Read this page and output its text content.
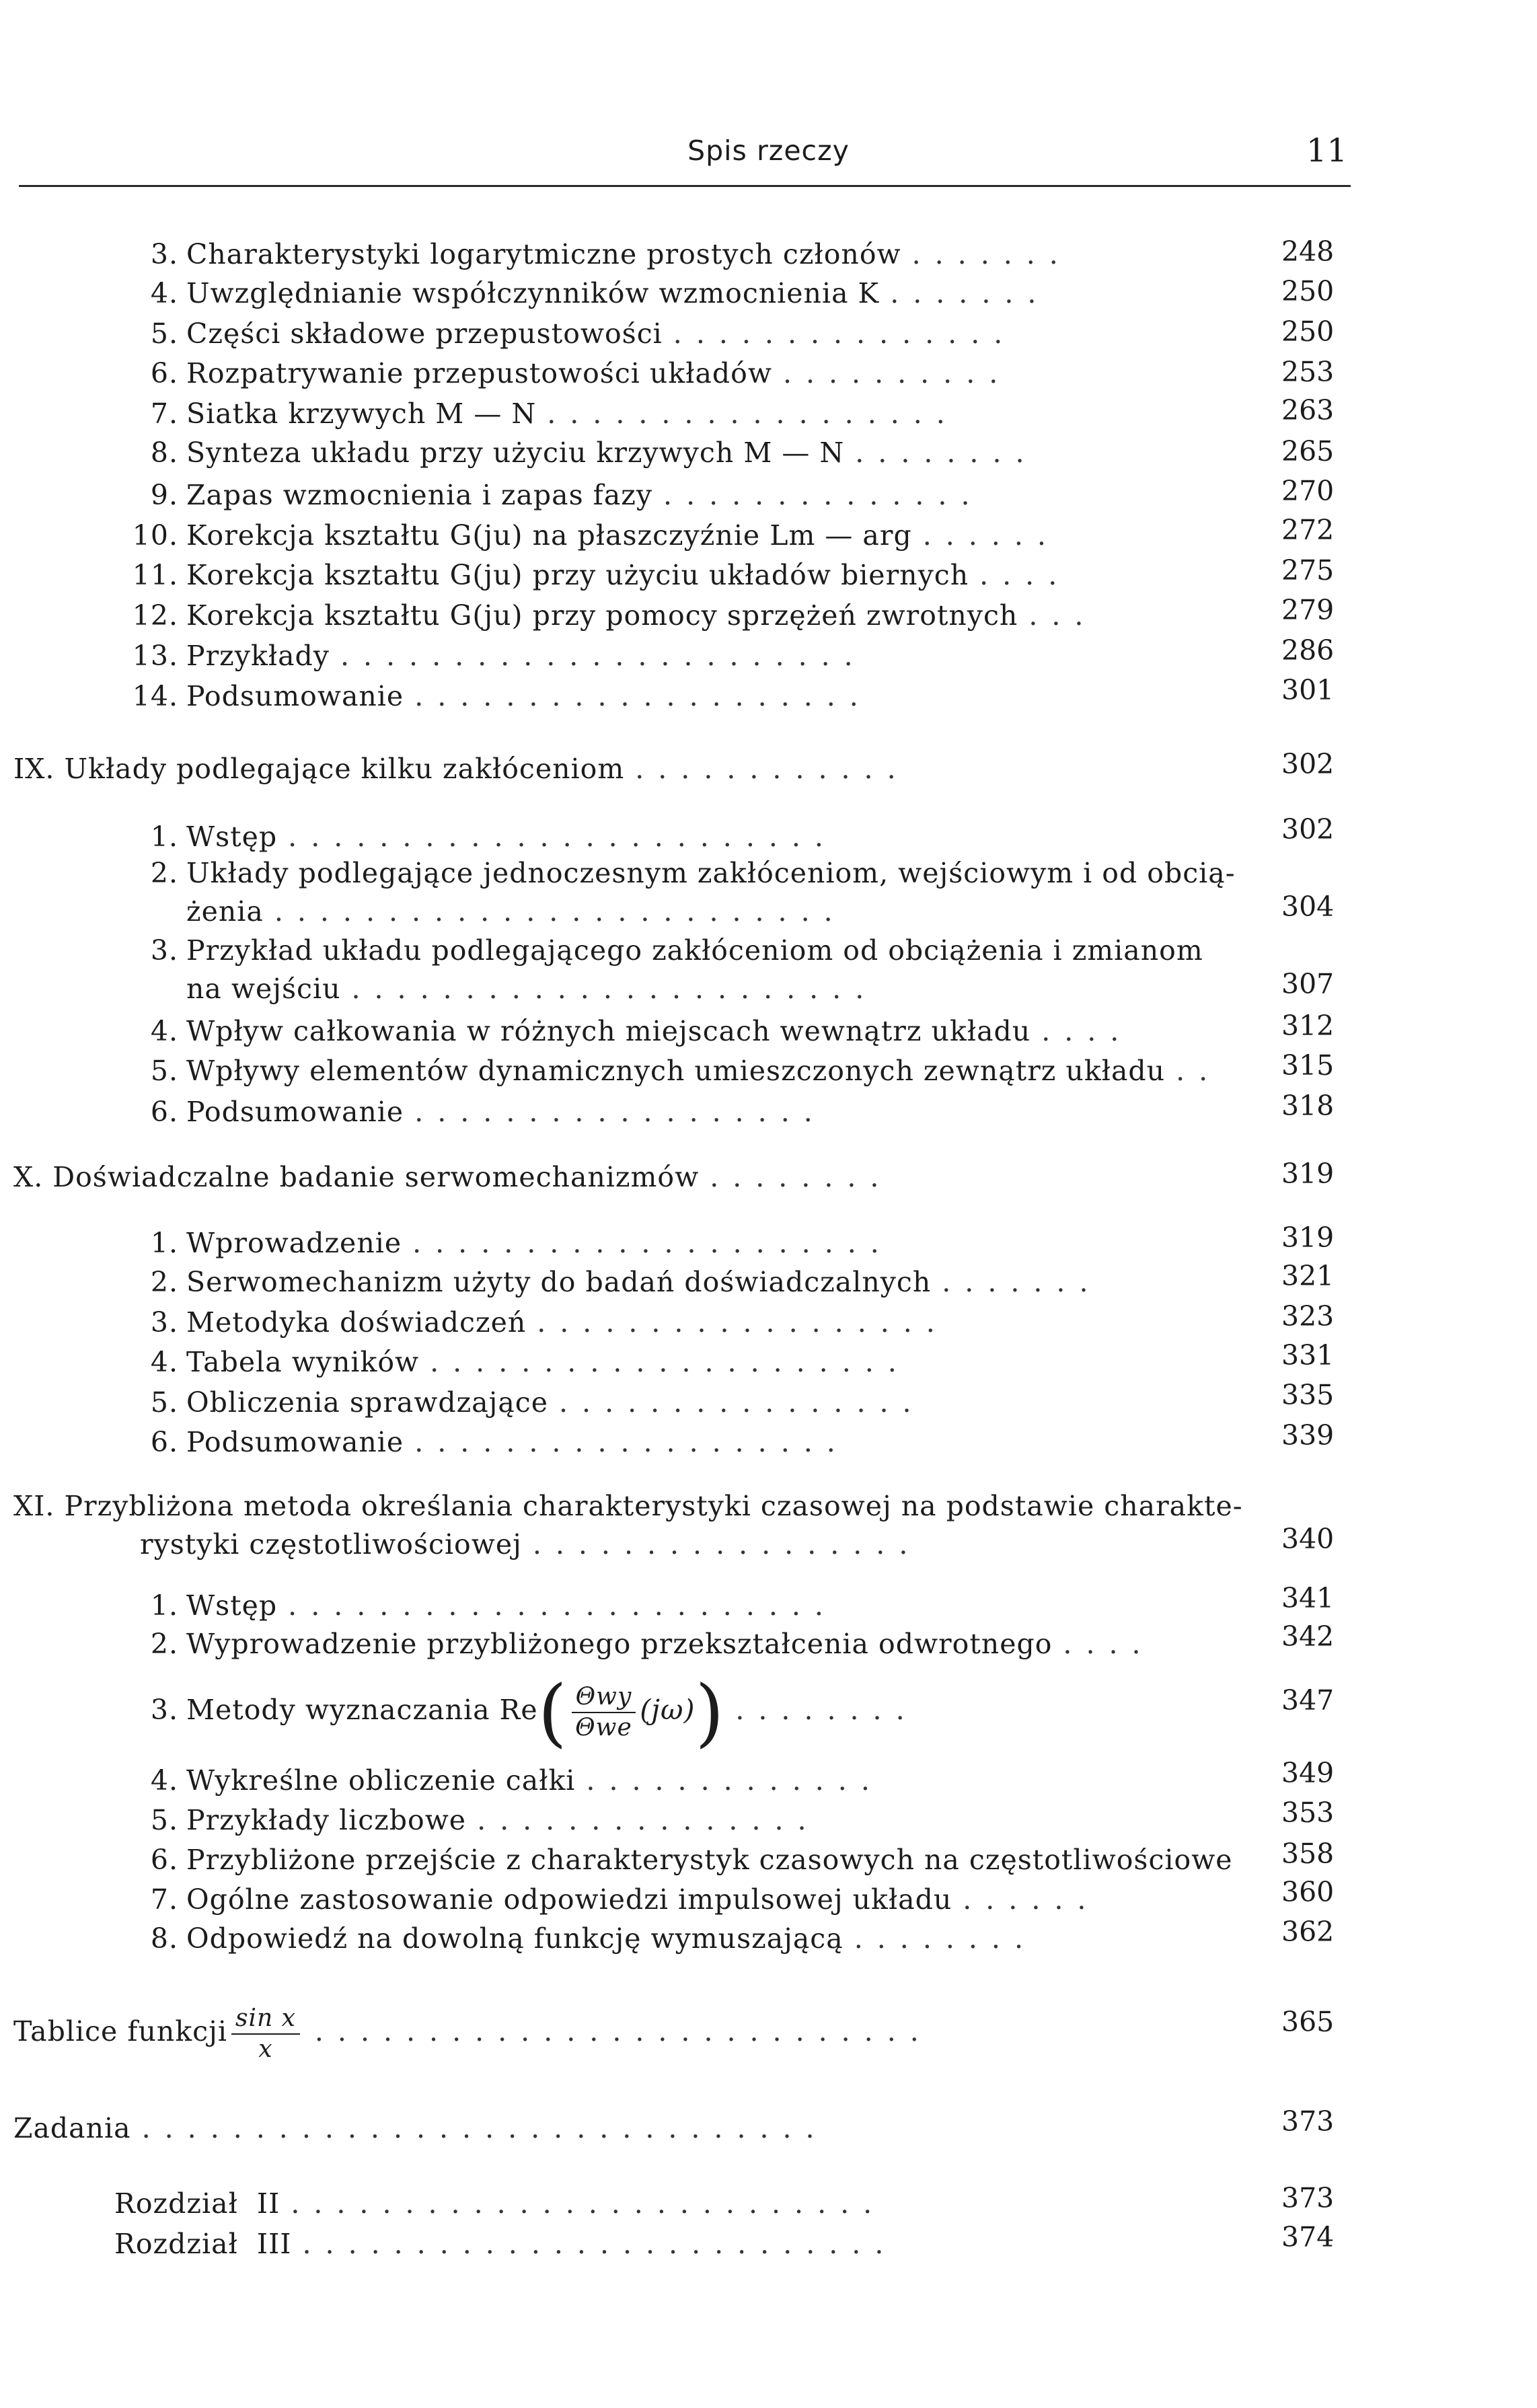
Spis rzeczy	11
3. Charakterystyki logarytmiczne prostych członów .......	248
4. Uwzględnianie współczynników wzmocnienia K .......	250
5. Części składowe przepustowości ...............	250
6. Rozpatrywanie przepustowości układów ..........	253
7. Siatka krzywych M — N ..................	263
8. Synteza układu przy użyciu krzywych M — N ........	265
9. Zapas wzmocnienia i zapas fazy ..............	270
10. Korekcja kształtu G(ju) na płaszczyźnie Lm — arg ......	272
11. Korekcja kształtu G(ju) przy użyciu układów biernych ....	275
12. Korekcja kształtu G(ju) przy pomocy sprzężeń zwrotnych ...	279
13. Przykłady .......................	286
14. Podsumowanie ....................	301
IX. Układy podlegające kilku zakłóceniom ............	302
1. Wstęp ........................	302
2. Układy podlegające jednoczesnym zakłóceniom, wejściowym i od obcią-
żenia .........................	304
3. Przykład układu podlegającego zakłóceniom od obciążenia i zmianom
na wejściu .......................	307
4. Wpływ całkowania w różnych miejscach wewnątrz układu ....	312
5. Wpływy elementów dynamicznych umieszczonych zewnątrz układu ..	315
6. Podsumowanie ..................	318
X. Doświadczalne badanie serwomechanizmów ........	319
1. Wprowadzenie .....................	319
2. Serwomechanizm użyty do badań doświadczalnych .......	321
3. Metodyka doświadczeń ..................	323
4. Tabela wyników .....................	331
5. Obliczenia sprawdzające ................	335
6. Podsumowanie ...................	339
XI. Przybliżona metoda określania charakterystyki czasowej na podstawie charakte-
rystyki częstotliwościowej .................	340
1. Wstęp ........................	341
2. Wyprowadzenie przybliżonego przekształcenia odwrotnego ....	342
3. Metody wyznaczania $Re( \frac{\text{Θwy}}{\text{Θwe}} (j\omega))$ ........	347
4. Wykreślne obliczenie całki .............	349
5. Przykłady liczbowe ...............	353
6. Przybliżone przejście z charakterystyk czasowych na częstotliwościowe	358
7. Ogólne zastosowanie odpowiedzi impulsowej układu ......	360
8. Odpowiedź na dowolną funkcję wymuszającą ........	362
Tablice funkcji $\frac{\text{sin x}}{x}$ ...........................	365
Zadania ..............................	373
Rozdział  II ..........................	373
Rozdział  III ..........................	374
